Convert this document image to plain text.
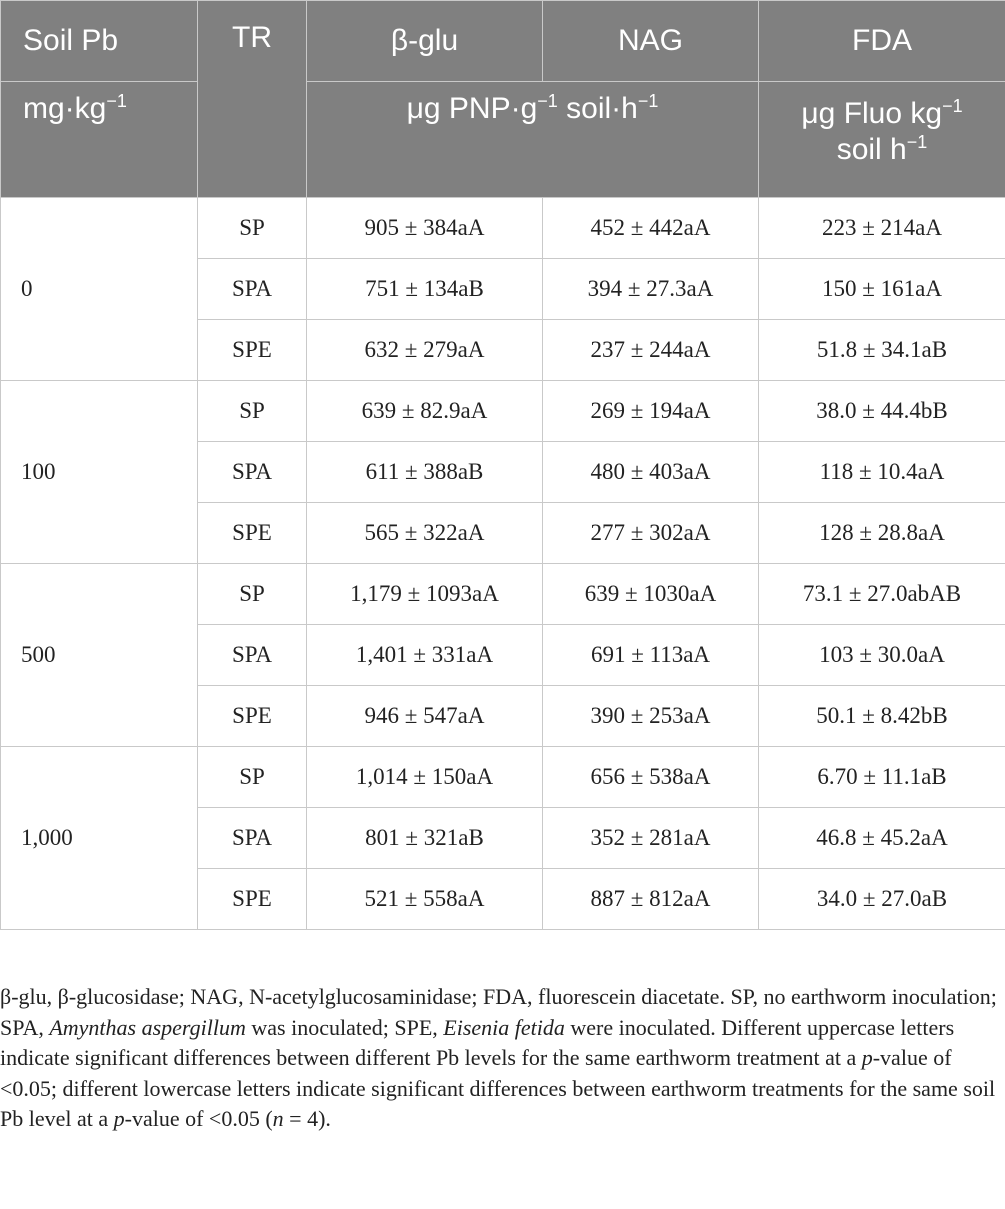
Soil Pb	TR	β-glu	NAG	FDA
$mg\cdot kg^{-1}$		μg $PNP\cdot g^{-1}$ $soil\cdot h^{-1}$		μg Fluo $kg^{-1}$
soil $h^{-1}$
0	SP	905 ± 384aA	452 ± 442aA	223 ± 214aA
	SPA	751 ± 134aB	394 ± 27.3aA	150 ± 161aA
	SPE	632 ± 279aA	237 ± 244aA	51.8 ± 34.1aB
100	SP	639 ± 82.9aA	269 ± 194aA	38.0 ± 44.4bB
	SPA	611 ± 388aB	480 ± 403aA	118 ± 10.4aA
	SPE	565 ± 322aA	277 ± 302aA	128 ± 28.8aA
500	SP	1,179 ± 1093aA	639 ± 1030aA	73.1 ± 27.0abAB
	SPA	1,401 ± 331aA	691 ± 113aA	103 ± 30.0aA
	SPE	946 ± 547aA	390 ± 253aA	50.1 ± 8.42bB
1,000	SP	1,014 ± 150aA	656 ± 538aA	6.70 ± 11.1aB
	SPA	801 ± 321aB	352 ± 281aA	46.8 ± 45.2aA
	SPE	521 ± 558aA	887 ± 812aA	34.0 ± 27.0aB
β-glu, β-glucosidase; NAG, N-acetylglucosaminidase; FDA, fluorescein diacetate. SP, no earthworm inoculation; SPA, Amynthas aspergillum was inoculated; SPE, Eisenia fetida were inoculated. Different uppercase letters indicate significant differences between different Pb levels for the same earthworm treatment at a p-value of <0.05; different lowercase letters indicate significant differences between earthworm treatments for the same soil Pb level at a p-value of <0.05 (n = 4).
